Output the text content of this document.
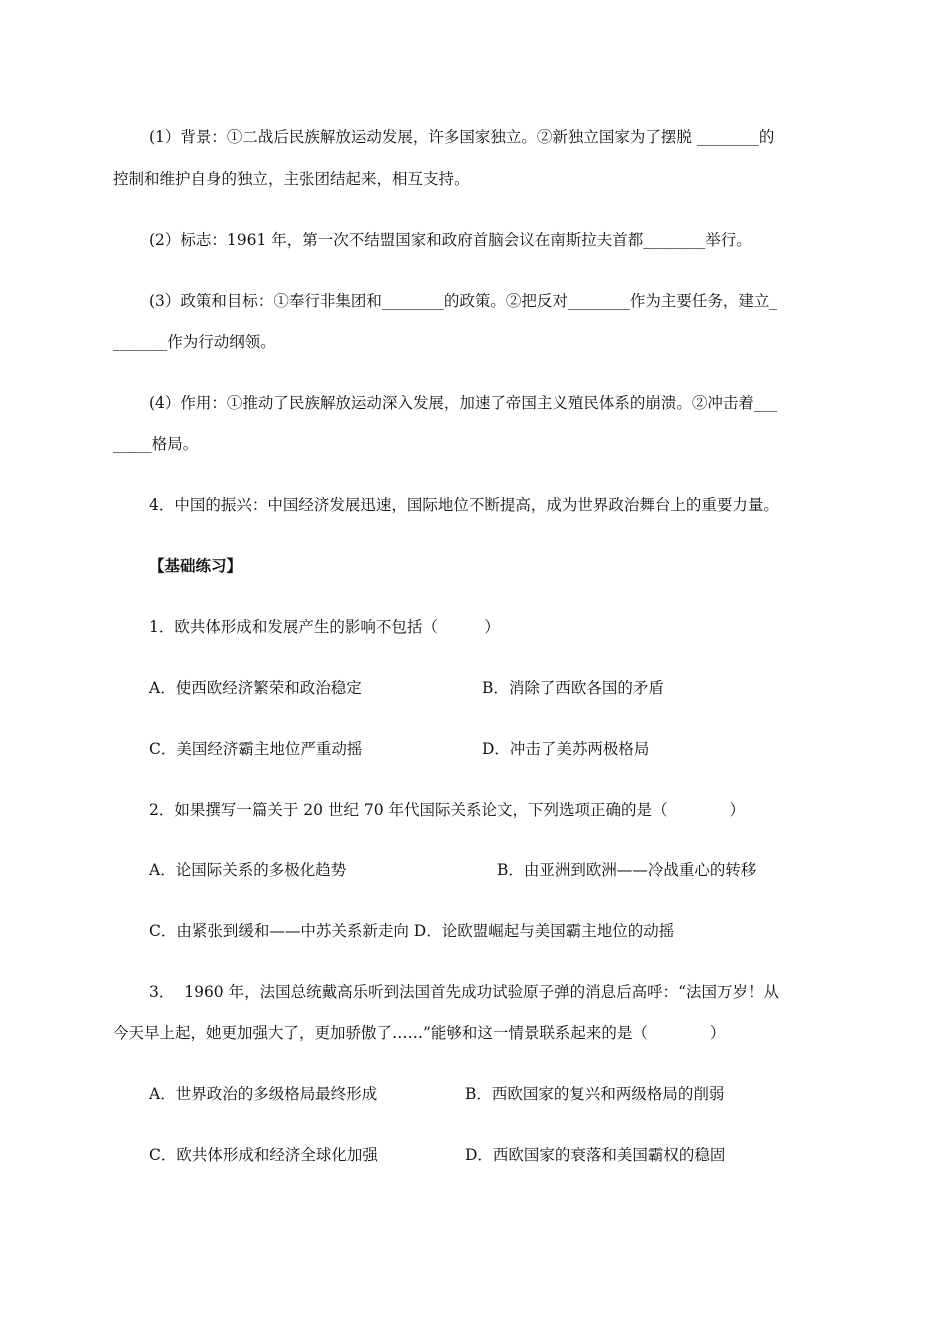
(1）背景：①二战后民族解放运动发展，许多国家独立。②新独立国家为了摆脱 ________的
控制和维护自身的独立，主张团结起来，相互支持。
(2）标志：1961 年，第一次不结盟国家和政府首脑会议在南斯拉夫首都________举行。
(3）政策和目标：①奉行非集团和________的政策。②把反对________作为主要任务，建立_
_______作为行动纲领。
(4）作用：①推动了民族解放运动深入发展，加速了帝国主义殖民体系的崩溃。②冲击着___
_____格局。
4．中国的振兴：中国经济发展迅速，国际地位不断提高，成为世界政治舞台上的重要力量。
【基础练习】
1．欧共体形成和发展产生的影响不包括（　　　）
A．使西欧经济繁荣和政治稳定	B．消除了西欧各国的矛盾
C．美国经济霸主地位严重动摇	D．冲击了美苏两极格局
2．如果撰写一篇关于 20 世纪 70 年代国际关系论文，下列选项正确的是（　　　　）
A．论国际关系的多极化趋势	B．由亚洲到欧洲——冷战重心的转移
C．由紧张到缓和——中苏关系新走向 D．论欧盟崛起与美国霸主地位的动摇
3．  1960 年，法国总统戴高乐听到法国首先成功试验原子弹的消息后高呼：“法国万岁！从
今天早上起，她更加强大了，更加骄傲了……”能够和这一情景联系起来的是（　　　　）
A．世界政治的多级格局最终形成	B．西欧国家的复兴和两级格局的削弱
C．欧共体形成和经济全球化加强	D．西欧国家的衰落和美国霸权的稳固
